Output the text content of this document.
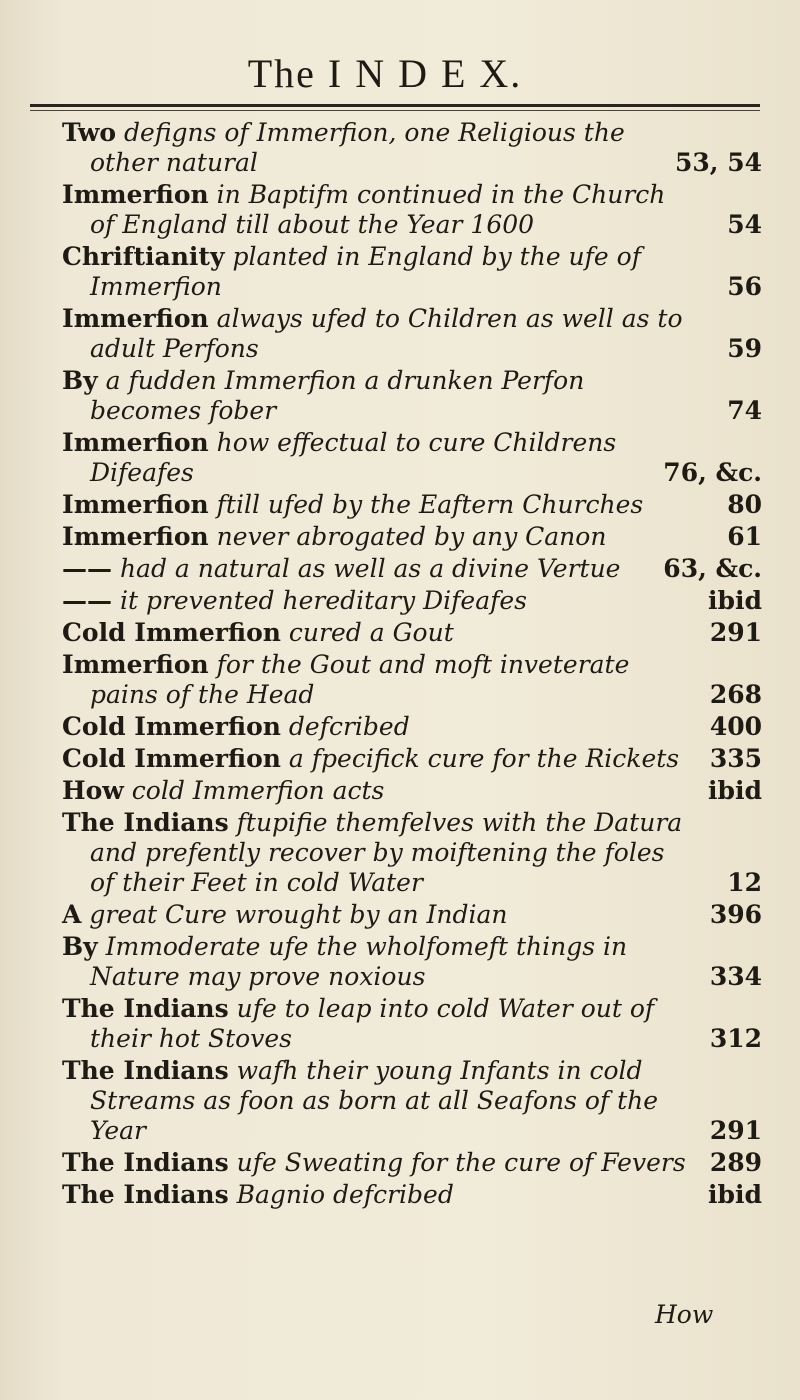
The I N D E X.
Two defigns of Immerfion, one Religious the other natural	53, 54
Immerfion in Baptifm continued in the Church of England till about the Year 1600	54
Chriftianity planted in England by the ufe of Immerfion	56
Immerfion always ufed to Children as well as to adult Perfons	59
By a fudden Immerfion a drunken Perfon becomes fober	74
Immerfion how effectual to cure Childrens Difeafes	76, &c.
Immerfion ftill ufed by the Eaftern Churches	80
Immerfion never abrogated by any Canon	61
—— had a natural as well as a divine Vertue 63, &c.
—— it prevented hereditary Difeafes	ibid
Cold Immerfion cured a Gout	291
Immerfion for the Gout and moft inveterate pains of the Head	268
Cold Immerfion defcribed	400
Cold Immerfion a fpecifick cure for the Rickets 335
How cold Immerfion acts	ibid
The Indians ftupifie themfelves with the Datura and prefently recover by moiftening the foles of their Feet in cold Water	12
A great Cure wrought by an Indian	396
By Immoderate ufe the wholfomeft things in Nature may prove noxious	334
The Indians ufe to leap into cold Water out of their hot Stoves	312
The Indians wafh their young Infants in cold Streams as foon as born at all Seafons of the Year	291
The Indians ufe Sweating for the cure of Fevers 289
The Indians Bagnio defcribed	ibid
How
